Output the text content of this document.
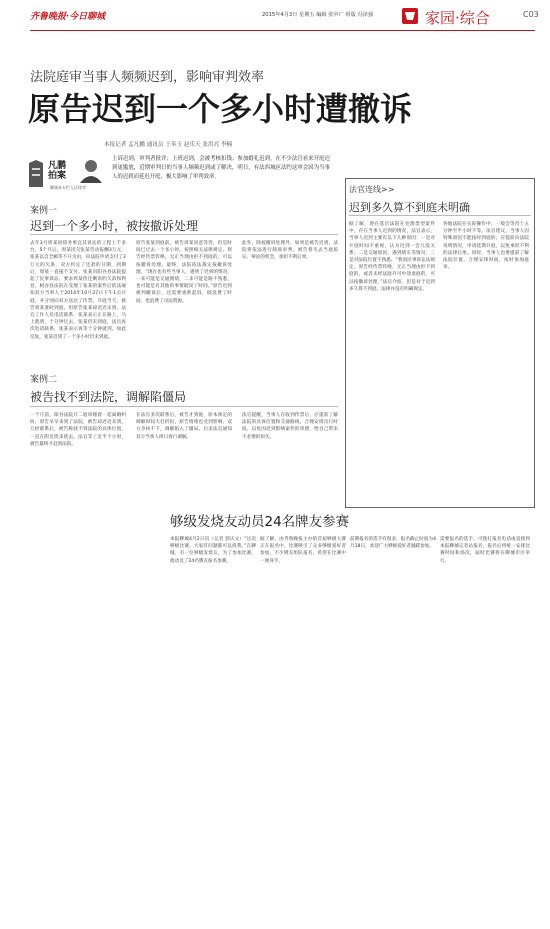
齐鲁晚报·今日聊城	2015年4月3日 星期五 编辑 张中广 组版 冯泽强	家园·综合	C03
法院庭审当事人频频迟到，影响审判效率
原告迟到一个多小时遭撤诉
本报记者 孟凡鹏 通讯员 王奉玉 赵乐天 张洪亮 李楠
凡鹏拍案
聊城本专栏人法律者
上诉迟到，审判者批评；上班迟到，会被考核扣钱；参加婚礼迟到，在不少法官看来开庭迟到更尴尬，近期审判日的当事人频频迟到或了解决，明日，有法西城区法约这审会因为当事人的迟到而延迟开庭，极大影响了审判效率。
案例一
迟到一个多小时，被按撤诉处理
去年3月周某因债务事宜其诉讼的工程上千多台，5个月后，周某因欠张某劳动报酬3万元，张某以自全额等不开为由，向法院申请支付了2万元的欠条，双方约定了还款的日期，到期后，周某一直拖不支付。张某向阳谷县法院提起了民事诉讼，要求周某偿还剩余的欠款和利息。相谷县法院在受理了张某的案件后依法通知双方当事人于2014年10月27日下午1点开庭，并分别向双方送达了传票。开庭当天，被告周某准时到庭，但原告张某却迟迟未到。法官工作人员电话联系，张某表示正在路上，马上就到，十分钟过去，张某仍未到庭，法官再次电话联系，张某表示再等十分钟就到。如此反复，张某迟到了一个多小时仍未到庭。
原告张某到庭前，被告周某同意等待，但是时间已过去一个多小时。按照相关法律规定，原告经传票传唤，无正当理由拒不到庭的，可以按撤诉处理。最终，法院依法裁定按撤诉处理。“现在也有些当事人，遇到了迟到的情况，一来可能是交通拥堵，二来可能是路不熟悉，也可能是有其他的事情耽误了时间。”原告迟到被判撤诉后，还需要重新起诉，既浪费了时间，也浪费了司法资源。
此外，除按撤诉处理外，如果是被告迟到，法院将依法进行缺席审判，被告将失去当庭质证、辩论的机会，承担不利后果。
案例二
被告找不到法院，调解陷僵局
一个月前，阳谷法院开二庭审理着一起离婚纠纷，原告早早来到了法院，被告却迟迟未到。几经联系后，被告称找不到法院的具体位置，一直在附近绕来绕去。法官等了近半个小时，被告最终才赶到法院。
在法官多次联系后，被告才到庭，原本预定的调解时间大打折扣，原告情绪也受到影响，双方争执不下，调解陷入了僵局。后来法官通知双方当事人择日再行调解。
法官提醒，当事人在收到传票后，应提前了解法院的具体位置和交通路线，合理安排出行时间，以免因迟到影响案件的审理，给自己带来不必要的损失。
法官连线>>
迟到多久算不到庭未明确
据了解，现在基层法院在处理类型案件中，存在当事人迟到的情况，法官表示，当事人迟到主要有以下几种原因：一是对开庭时间不重视，认为迟到一会儿没关系；二是交通原因，遇到堵车等情况；三是对法院位置不熟悉。“我国民事诉讼法规定，原告经传票传唤，无正当理由拒不到庭的，或者未经法庭许可中途退庭的，可以按撤诉处理。”法官介绍，但是对于迟到多久算不到庭，法律并没有明确规定。
各地法院在实际操作中，一般会等待十五分钟至半小时不等。法官建议，当事人因特殊原因不能按时到庭的，应提前向法院说明情况，申请延期开庭，以免承担不利的法律后果。同时，当事人也要提前了解法院位置，合理安排时间，按时参加庭审。
够级发烧友动员24名牌友参赛
本报聊城4月2日讯（记者 郭庆文）“这次够级比赛，大家有问题都可以找我。”在聊城，有一位够级发烧友，为了参加比赛，他动员了24名牌友报名参赛。
据了解，由齐鲁晚报主办的首届够级大赛正在报名中，比赛吸引了众多够级爱好者参加，不少牌友组队报名，希望在比赛中一展身手。
前期报名的选手有很多，报名截止时间为4月18日，欢迎广大够级爱好者踊跃参加。
需要报名的选手，可拨打报名电话或直接到本报聊城记者站报名，报名后将统一安排比赛时间和场次，届时比赛将在聊城市区举行。
